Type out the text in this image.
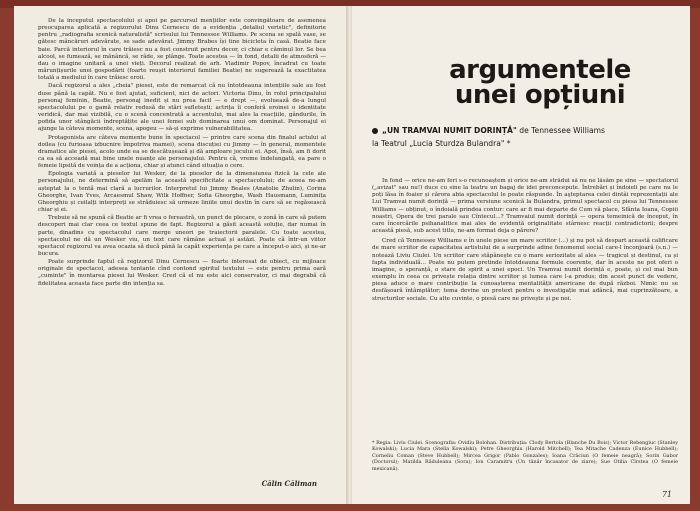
De la începutul spectacolului și apoi pe parcursul mențiilor este convingătoare de asemenea preocuparea aplicată a regizorului Dinu Cernescu de a evidenția „detaliul veristic", definitorie pentru „radiografia scenică naturalistă" scrisului lui Tennessee Williams. Pe scena se spală vase, se gătesc mâncăruri adevărate, se sade adevărat. Jimmy Brabes își tine bicicleta în casă. Beatie face baie. Parcă interiorul în care trăiesc nu a fost construit pentru decor, ci chiar e căminul lor. Se bea alcool, se fumează, se mănâncă, se râde, se plânge. Toate acestea — în fond, detalii de atmosferă — dau o imagine unitară a unei vieți. Decorul realizat de arh. Vladimir Popov, încadrat cu toate mărunțișurile unei gospodării (foarte reușit interiorul familiei Beatie) ne sugerează la exactitatea totală a mediului în care trăiesc eroii.

Dacă regizorul a ales „cheia" piesei, este de remarcat că nu întotdeauna intențiile sale au fost duse până la capăt. Nu e fost ajutat, suficient, nici de actori. Victoria Dinu, în rolul principalului personaj feminin, Beatie, personaj inedit și nu prea facil — e drept —, evoluează de-a lungul spectacolului pe o gamă relativ redusă de stări sufletești; actrița îi conferă eroinei o identitate veridică, dar mai vizibilă, cu o scenă concentrată a accentului, mai ales la reacțiile, gândurile, în pofida unor stângăcii îndreptățite ale unei femei sub dominarea unui om dominat. Personajul ei ajunge la câteva momente, scena, apogeu — să-și exprime vulnerabilitatea.

Protagonista are câteva momente bune în spectacol — printre care scena din finalul actului al doilea (cu furioasa izbucnire împotriva mamei), scena discuției cu Jimmy — în general, momentele dramatice ale piesei, acolo unde ea se descătușează și dă amploare jocului ei. Apoi, însă, am fi dorit ca ea să acceadă mai bine unele nuanțe ale personajului. Pentru că, vreme îndelungată, ea pare o femeie lipsită de voința de a acționa, chiar și atunci când situația o cere.

Epologia variată a pieselor lui Wesker, de la pieselor de la dimensiunea fizică la cele ale personajului, ne determină să apelăm la această specificitate a spectacolului; de aceea ne-am așteptat la o tentă mai clară a lucrurilor. Interpretul lui Jimmy Beales (Anatolie Zhulin), Corina Gheorghe, Ivan Yves, Arcaesmul Shaw, Wilk Hoffner, Sofia Gheorghe, Wash Hausmann, Luminița Gheorghiu și ceilalți interpreți se străduiesc să urmeze liniile unui destin în care să se regăsească chiar și ei.

Trebuie să ne spună că Beatie ar fi vrea o fereastră, un punct de plecare, o zonă în care să putem descoperi mai clar ceea ce textul spune de fapt. Regizorul a găsit această soluție, dar numai în parte, dinadins cu spectacolul care merge uneori pe traiectorii paralele. Cu toate acestea, spectacolul ne dă un Wesker viu, un text care rămâne actual și astăzi. Poate că într-un viitor spectacol regizorul va avea ocazia să ducă până la capăt experiența pe care a început-o aici, și ne-ar bucura.

Poate surprinde faptul că regizorul Dinu Cernescu — foarte interesat de obiect, cu mijloace originale de spectacol, adesea tentante cînd contond spiritul textului — este pentru prima oară „cuminte" în montarea piesei lui Wesker. Cred că el nu este aici conservator, ci mai degrabă că fidelitatea aceasta face parte din intenția sa.

Călin Căliman
argumentele
unei opțiuni
„UN TRAMVAI NUMIT DORINȚĂ" de Tennessee Williams
la Teatrul „Lucia Sturdza Bulandra" *

În fond — orice ne-am feri s-o recunoaștem și orice ne-am strădui să nu ne lăsăm pe sine — spectatorul („avizat" sau nu!) duce cu sine la teatru un bagaj de idei preconcepute. Întrebări și îndoieli pe care nu le poți lăsa în foaier și cărora abia spectacolul le poate răspunde. În aşteptarea celei dintâi reprezentații ale Lui Tramvai numit dorință — prima versiune scenică la Bulandra, primul spectacol cu piesa lui Tennessee Williams — obținut, o îndoială prindea contur: care ar fi mai departe de Cum vă place, Sfânta Ioana, Copiii noastri, Opera de trei parale sau Cîntecul...? Tramvaiul numit dorință — opera temeinică de început, în care încercările psihanalitice mai ales de evidentă originalitate stârnesc reacții contradictorii; despre această piesă, sub acest titlu, ne-am format deja o părere?

Cred că Tennessee Williams e în unele piese un mare scriitor (...) și nu pot să despart această calificare de mare scriitor de capacitatea artistului de a surprinde adine fenomenul social care-l înconjoară (s.n.) — notează Liviu Ciulei. Un scriitor care stăpânește cu o mare seriozitate al ales — tragicul și destinul, ca și fapta individuală... Poate nu putem pretinde întotdeauna formule coerente, dar în aceste ne pot oferi o imagine, o speranță, o stare de spirit a unei epoci. Un Tramvai numit dorință e, poate, și cel mai bun exemplu în ceea ce privește relația dintre scriitor și lumea care l-a produs; din acest punct de vedere, piesa aduce o mare contribuție la cunoașterea mentalității americane de după război. Nimic nu se desfășoară întâmplător; tema devine un pretext pentru o investigație mai adâncă, mai cuprinzătoare, a structurilor sociale. Cu alte cuvinte, o piesă care ne privește și pe noi.

* Regia: Liviu Ciulei. Scenografia: Ovidiu Bolohan. Distribuția: Clody Bertola (Blanche Du Bois); Victor Rebengiuc (Stanley Kowalski); Lucia Mara (Stella Kowalski); Petre Gheorghiu (Harold Mitchell); Tea Mitache Cadenza (Eunice Hubbell); Corneliu Coman (Steve Hubbell); Mircea Grigor (Pablo Gonzales); Ioana Crăciun (O femeie neagră); Sorin Gabor (Doctorul); Matilda Răduleanu (Sora); Ion Caramitru (Un tânăr încasator de ziare); Sue Otilia Cîrstea (O femeie mexicană).
71
